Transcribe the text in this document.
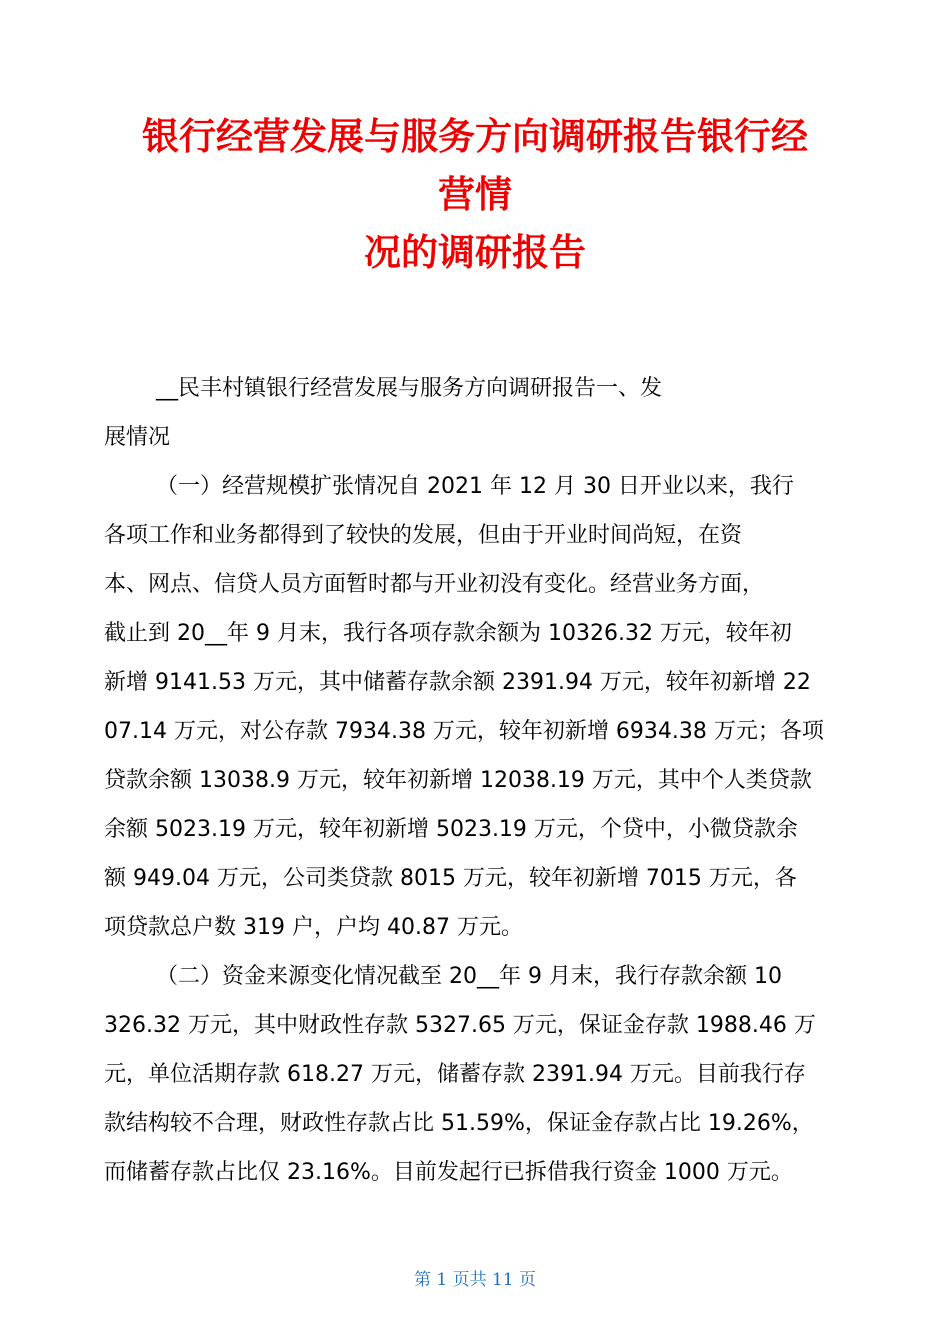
银行经营发展与服务方向调研报告银行经
营情
况的调研报告
__民丰村镇银行经营发展与服务方向调研报告一、发
展情况
（一）经营规模扩张情况自 2021 年 12 月 30 日开业以来，我行
各项工作和业务都得到了较快的发展，但由于开业时间尚短，在资
本、网点、信贷人员方面暂时都与开业初没有变化。经营业务方面，
截止到 20__年 9 月末，我行各项存款余额为 10326.32 万元，较年初
新增 9141.53 万元，其中储蓄存款余额 2391.94 万元，较年初新增 22
07.14 万元，对公存款 7934.38 万元，较年初新增 6934.38 万元；各项
贷款余额 13038.9 万元，较年初新增 12038.19 万元，其中个人类贷款
余额 5023.19 万元，较年初新增 5023.19 万元，个贷中，小微贷款余
额 949.04 万元，公司类贷款 8015 万元，较年初新增 7015 万元，各
项贷款总户数 319 户，户均 40.87 万元。
（二）资金来源变化情况截至 20__年 9 月末，我行存款余额 10
326.32 万元，其中财政性存款 5327.65 万元，保证金存款 1988.46 万
元，单位活期存款 618.27 万元，储蓄存款 2391.94 万元。目前我行存
款结构较不合理，财政性存款占比 51.59%，保证金存款占比 19.26%，
而储蓄存款占比仅 23.16%。目前发起行已拆借我行资金 1000 万元。
第 1 页共 11 页
